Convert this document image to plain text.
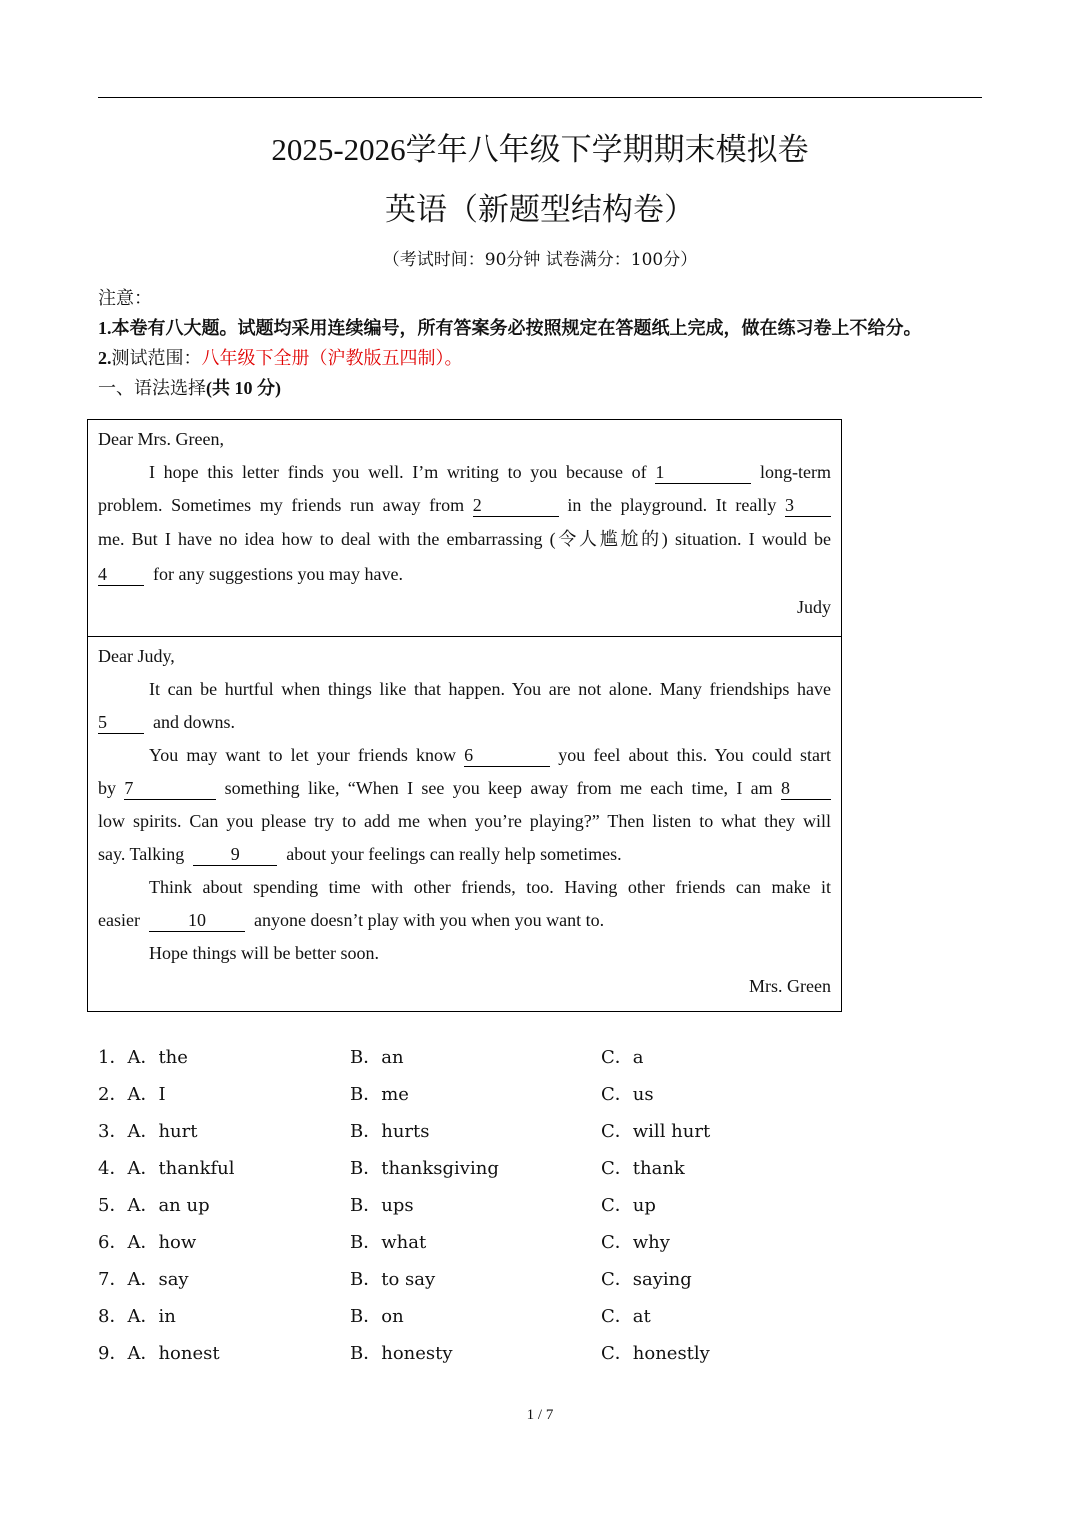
2025-2026学年八年级下学期期末模拟卷
英语（新题型结构卷）
（考试时间：90分钟 试卷满分：100分）
注意：
1.本卷有八大题。试题均采用连续编号，所有答案务必按照规定在答题纸上完成，做在练习卷上不给分。
2.测试范围：八年级下全册（沪教版五四制）。
一、语法选择(共 10 分)
Dear Mrs. Green,
I hope this letter finds you well. I’m writing to you because of 1	long-term
problem. Sometimes my friends run away from 2	in the playground. It really 3
me. But I have no idea how to deal with the embarrassing (令人尴尬的) situation. I would be
4	for any suggestions you may have.
Judy
Dear Judy,
It can be hurtful when things like that happen. You are not alone. Many friendships have
5	and downs.
You may want to let your friends know 6	you feel about this. You could start
by 7	something like, “When I see you keep away from me each time, I am 8
low spirits. Can you please try to add me when you’re playing?” Then listen to what they will
say. Talking	9	about your feelings can really help sometimes.
Think about spending time with other friends, too. Having other friends can make it
easier	10	anyone doesn’t play with you when you want to.
Hope things will be better soon.
Mrs. Green
1．A．the	B．an	C．a
2．A．I	B．me	C．us
3．A．hurt	B．hurts	C．will hurt
4．A．thankful	B．thanksgiving	C．thank
5．A．an up	B．ups	C．up
6．A．how	B．what	C．why
7．A．say	B．to say	C．saying
8．A．in	B．on	C．at
9．A．honest	B．honesty	C．honestly
1 / 7
